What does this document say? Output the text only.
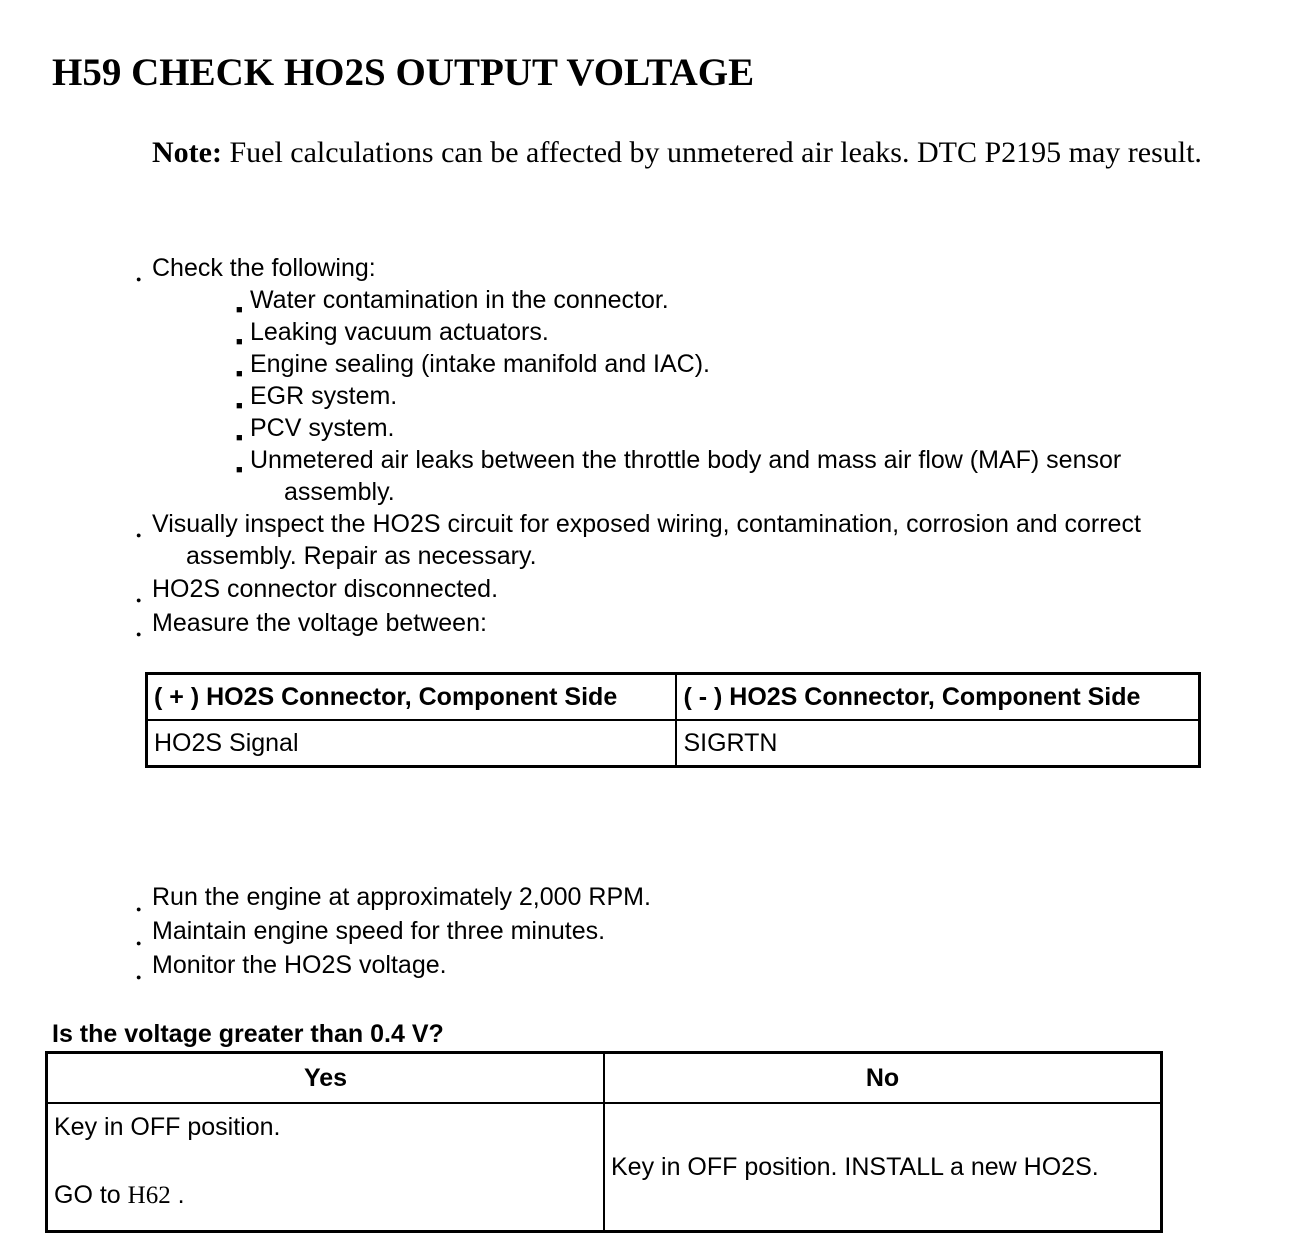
H59 CHECK HO2S OUTPUT VOLTAGE
Note: Fuel calculations can be affected by unmetered air leaks. DTC P2195 may result.
● Check the following:
■ Water contamination in the connector.
■ Leaking vacuum actuators.
■ Engine sealing (intake manifold and IAC).
■ EGR system.
■ PCV system.
■ Unmetered air leaks between the throttle body and mass air flow (MAF) sensor
assembly.
● Visually inspect the HO2S circuit for exposed wiring, contamination, corrosion and correct
assembly. Repair as necessary.
● HO2S connector disconnected.
● Measure the voltage between:
( + ) HO2S Connector, Component Side	( - ) HO2S Connector, Component Side
HO2S Signal	SIGRTN
● Run the engine at approximately 2,000 RPM.
● Maintain engine speed for three minutes.
● Monitor the HO2S voltage.

Is the voltage greater than 0.4 V?

Yes	No

Key in OFF position.

GO to H62 .	Key in OFF position. INSTALL a new HO2S.
